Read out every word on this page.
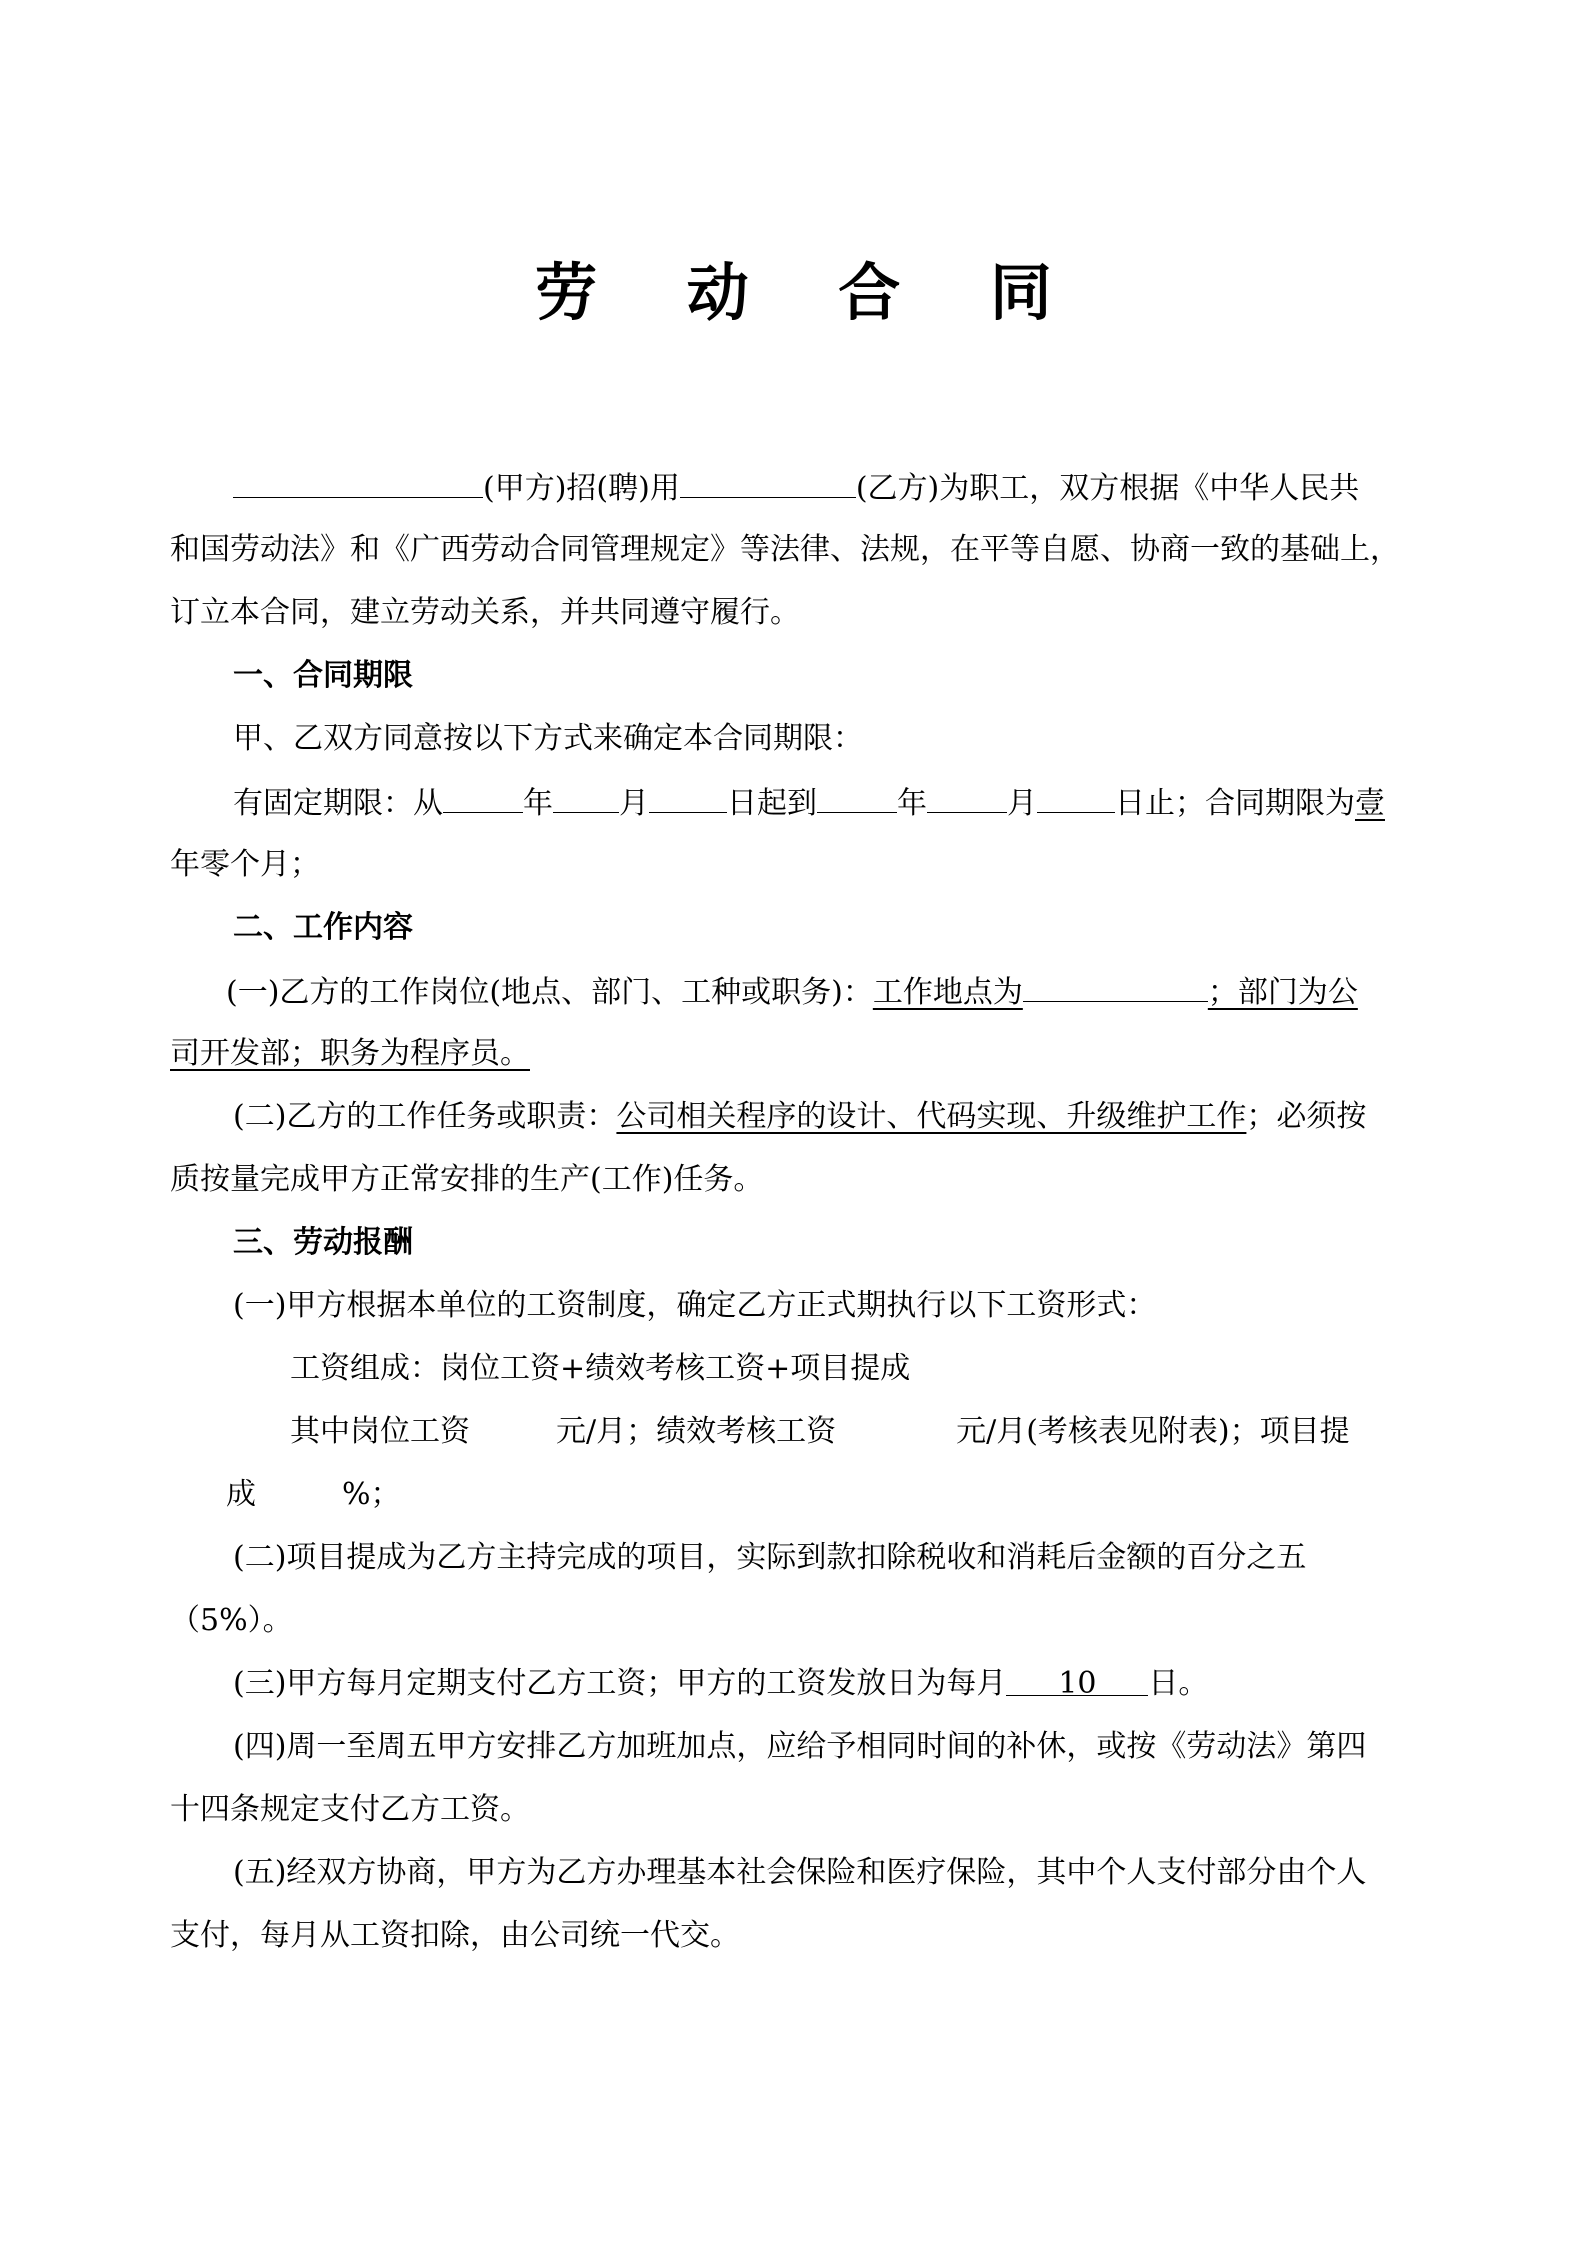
劳 动 合 同
(甲方)招(聘)用	(乙方)为职工，双方根据《中华人民共
和国劳动法》和《广西劳动合同管理规定》等法律、法规，在平等自愿、协商一致的基础上，
订立本合同，建立劳动关系，并共同遵守履行。
一、合同期限
甲、乙双方同意按以下方式来确定本合同期限：
有固定期限：从	年 月	日起到	年	月	日止；合同期限为壹
年零个月；
二、工作内容
(一)乙方的工作岗位(地点、部门、工种或职务)：工作地点为	；部门为公
司开发部；职务为程序员。
(二)乙方的工作任务或职责：公司相关程序的设计、代码实现、升级维护工作；必须按
质按量完成甲方正常安排的生产(工作)任务。
三、劳动报酬
(一)甲方根据本单位的工资制度，确定乙方正式期执行以下工资形式：
工资组成：岗位工资+绩效考核工资+项目提成
其中岗位工资	元/月；绩效考核工资	元/月(考核表见附表)；项目提
成	%；
(二)项目提成为乙方主持完成的项目，实际到款扣除税收和消耗后金额的百分之五
（5%）。
(三)甲方每月定期支付乙方工资；甲方的工资发放日为每月 10 日。
(四)周一至周五甲方安排乙方加班加点，应给予相同时间的补休，或按《劳动法》第四
十四条规定支付乙方工资。
(五)经双方协商，甲方为乙方办理基本社会保险和医疗保险，其中个人支付部分由个人
支付，每月从工资扣除，由公司统一代交。
